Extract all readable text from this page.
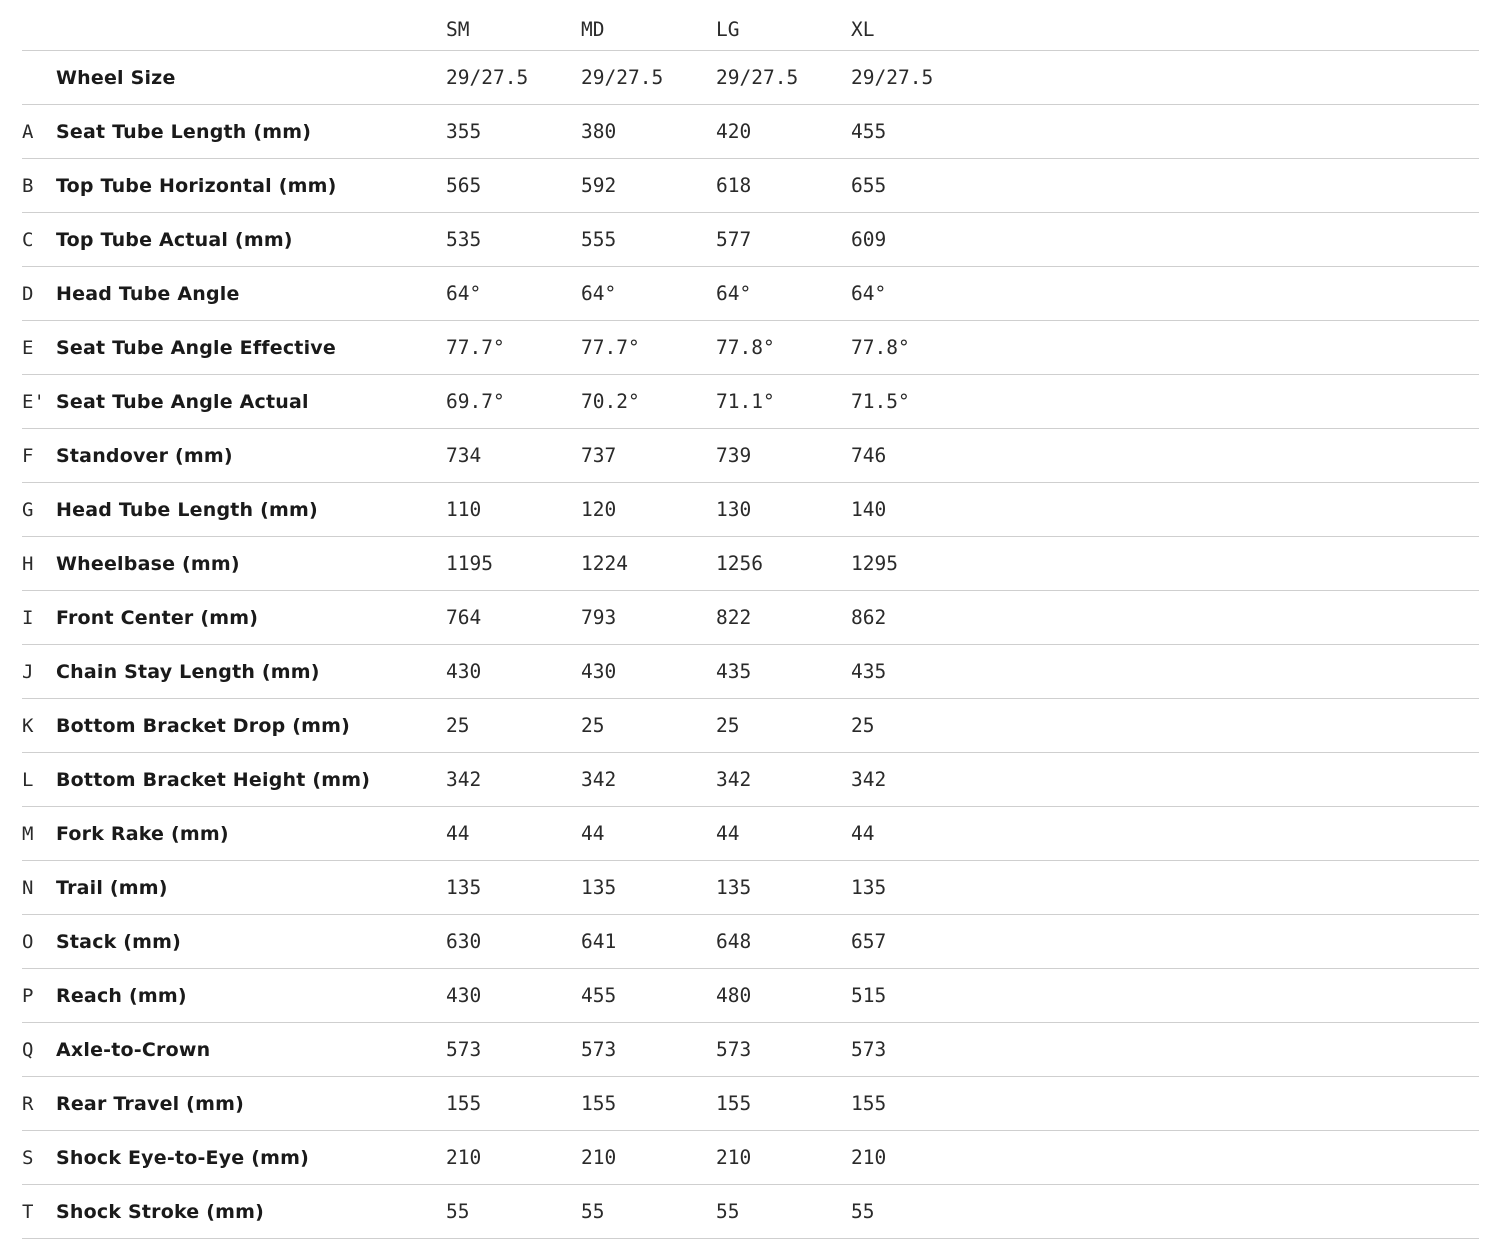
SM	MD	LG	XL
Wheel Size	29/27.5	29/27.5	29/27.5	29/27.5
A Seat Tube Length (mm)	355	380	420	455
B Top Tube Horizontal (mm)	565	592	618	655
C Top Tube Actual (mm)	535	555	577	609
D Head Tube Angle	64°	64°	64°	64°
E Seat Tube Angle Effective	77.7°	77.7°	77.8°	77.8°
E' Seat Tube Angle Actual	69.7°	70.2°	71.1°	71.5°
F Standover (mm)	734	737	739	746
G Head Tube Length (mm)	110	120	130	140
H Wheelbase (mm)	1195	1224	1256	1295
I Front Center (mm)	764	793	822	862
J Chain Stay Length (mm)	430	430	435	435
K Bottom Bracket Drop (mm)	25	25	25	25
L Bottom Bracket Height (mm)	342	342	342	342
M Fork Rake (mm)	44	44	44	44
N Trail (mm)	135	135	135	135
O Stack (mm)	630	641	648	657
P Reach (mm)	430	455	480	515
Q Axle-to-Crown	573	573	573	573
R Rear Travel (mm)	155	155	155	155
S Shock Eye-to-Eye (mm)	210	210	210	210
T Shock Stroke (mm)	55	55	55	55
